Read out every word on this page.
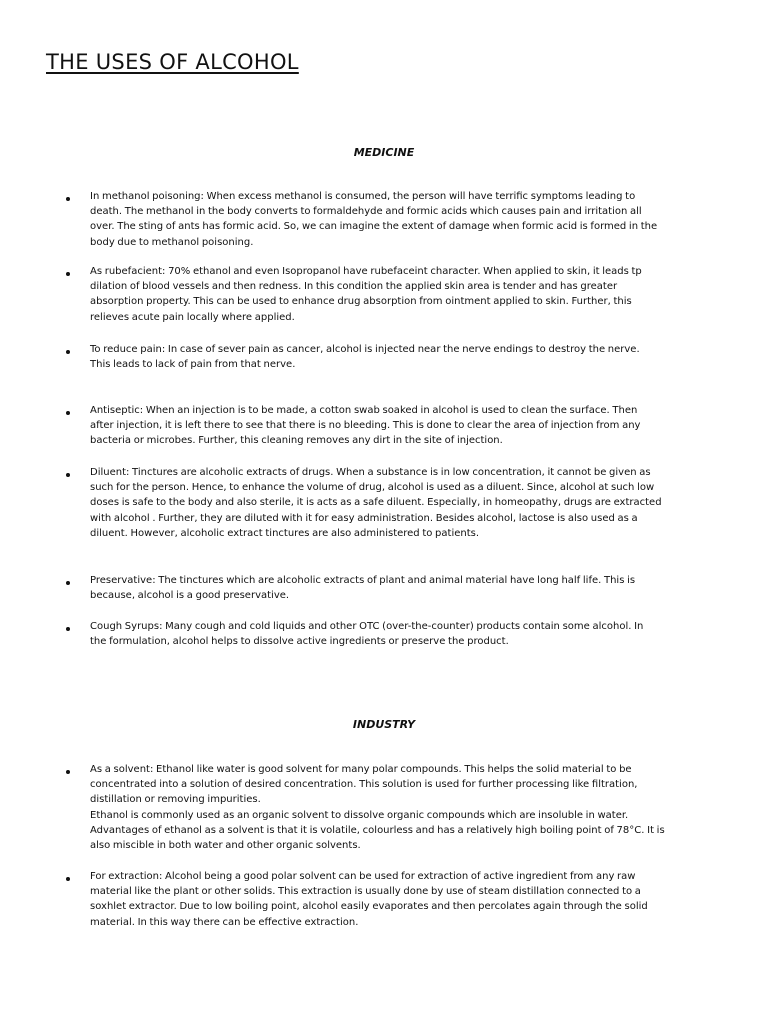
THE USES OF ALCOHOL
MEDICINE

In methanol poisoning: When excess methanol is consumed, the person will have terrific symptoms leading to
death. The methanol in the body converts to formaldehyde and formic acids which causes pain and irritation all
over. The sting of ants has formic acid. So, we can imagine the extent of damage when formic acid is formed in the
body due to methanol poisoning.

As rubefacient: 70% ethanol and even Isopropanol have rubefaceint character. When applied to skin, it leads tp
dilation of blood vessels and then redness. In this condition the applied skin area is tender and has greater
absorption property. This can be used to enhance drug absorption from ointment applied to skin. Further, this
relieves acute pain locally where applied.

To reduce pain: In case of sever pain as cancer, alcohol is injected near the nerve endings to destroy the nerve.
This leads to lack of pain from that nerve.

Antiseptic: When an injection is to be made, a cotton swab soaked in alcohol is used to clean the surface. Then
after injection, it is left there to see that there is no bleeding. This is done to clear the area of injection from any
bacteria or microbes. Further, this cleaning removes any dirt in the site of injection.

Diluent: Tinctures are alcoholic extracts of drugs. When a substance is in low concentration, it cannot be given as
such for the person. Hence, to enhance the volume of drug, alcohol is used as a diluent. Since, alcohol at such low
doses is safe to the body and also sterile, it is acts as a safe diluent. Especially, in homeopathy, drugs are extracted
with alcohol . Further, they are diluted with it for easy administration. Besides alcohol, lactose is also used as a
diluent. However, alcoholic extract tinctures are also administered to patients.

Preservative: The tinctures which are alcoholic extracts of plant and animal material have long half life. This is
because, alcohol is a good preservative.

Cough Syrups: Many cough and cold liquids and other OTC (over-the-counter) products contain some alcohol. In
the formulation, alcohol helps to dissolve active ingredients or preserve the product.

INDUSTRY

As a solvent: Ethanol like water is good solvent for many polar compounds. This helps the solid material to be
concentrated into a solution of desired concentration. This solution is used for further processing like filtration,
distillation or removing impurities.
Ethanol is commonly used as an organic solvent to dissolve organic compounds which are insoluble in water.
Advantages of ethanol as a solvent is that it is volatile, colourless and has a relatively high boiling point of 78°C. It is
also miscible in both water and other organic solvents.

For extraction: Alcohol being a good polar solvent can be used for extraction of active ingredient from any raw
material like the plant or other solids. This extraction is usually done by use of steam distillation connected to a
soxhlet extractor. Due to low boiling point, alcohol easily evaporates and then percolates again through the solid
material. In this way there can be effective extraction.
